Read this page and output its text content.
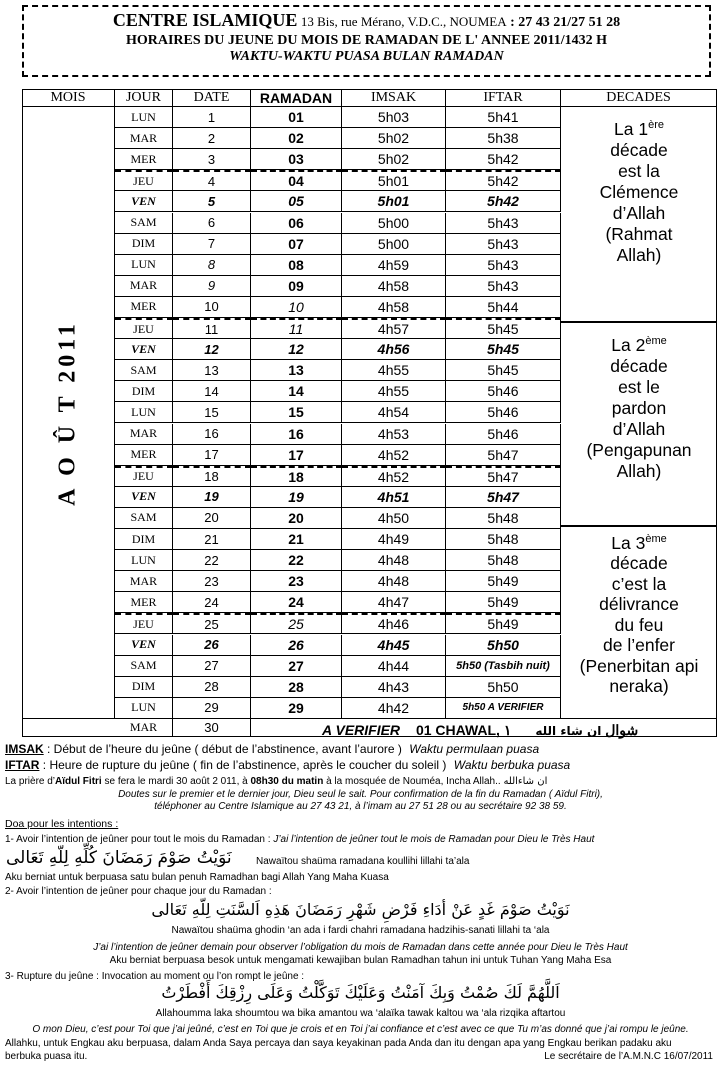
CENTRE ISLAMIQUE 13 Bis, rue Mérano, V.D.C., NOUMEA : 27 43 21/27 51 28
HORAIRES DU JEUNE DU MOIS DE RAMADAN DE L' ANNEE 2011/1432 H
WAKTU-WAKTU PUASA BULAN RAMADAN
MOIS	JOUR	DATE	RAMADAN	IMSAK	IFTAR	DECADES
A O Û T 2011
LUN	1	01	5h03	5h41
MAR	2	02	5h02	5h38
MER	3	03	5h02	5h42
JEU	4	04	5h01	5h42
VEN	5	05	5h01	5h42
SAM	6	06	5h00	5h43
DIM	7	07	5h00	5h43
LUN	8	08	4h59	5h43
MAR	9	09	4h58	5h43
MER	10	10	4h58	5h44
JEU	11	11	4h57	5h45
VEN	12	12	4h56	5h45
SAM	13	13	4h55	5h45
DIM	14	14	4h55	5h46
LUN	15	15	4h54	5h46
MAR	16	16	4h53	5h46
MER	17	17	4h52	5h47
JEU	18	18	4h52	5h47
VEN	19	19	4h51	5h47
SAM	20	20	4h50	5h48
DIM	21	21	4h49	5h48
LUN	22	22	4h48	5h48
MAR	23	23	4h48	5h49
MER	24	24	4h47	5h49
JEU	25	25	4h46	5h49
VEN	26	26	4h45	5h50
SAM	27	27	4h44	5h50 (Tasbih nuit)
DIM	28	28	4h43	5h50
LUN	29	29	4h42	5h50 A VERIFIER
La 1ère
décade
est la
Clémence
d’Allah
(Rahmat
Allah)
La 2ème
décade
est le
pardon
d’Allah
(Pengapunan
Allah)
La 3ème
décade
c’est la
délivrance
du feu
de l’enfer
(Penerbitan api
neraka)
MAR	30	A VERIFIER 01 CHAWAL, ۱شوال ان شاء الله
IMSAK : Début de l’heure du jeûne ( début de l’abstinence, avant l’aurore ) Waktu permulaan puasa
IFTAR : Heure de rupture du jeûne ( fin de l’abstinence, après le coucher du soleil ) Waktu berbuka puasa
La prière d’Aïdul Fitri se fera le mardi 30 août 2 011, à 08h30 du matin à la mosquée de Nouméa, Incha Allah.. ان شاءالله
Doutes sur le premier et le dernier jour, Dieu seul le sait. Pour confirmation de la fin du Ramadan ( Aïdul Fitri),
téléphoner au Centre Islamique au 27 43 21, à l’imam au 27 51 28 ou au secrétaire 92 38 59.
Doa pour les intentions :
1- Avoir l’intention de jeûner pour tout le mois du Ramadan : J’ai l’intention de jeûner tout le mois de Ramadan pour Dieu le Très Haut
نَوَيْتُ صَوْمَ رَمَضَانَ كُلِّهِ لِلّهِ تَعَالى Nawaïtou shaüma ramadana koullihi lillahi ta’ala
Aku berniat untuk berpuasa satu bulan penuh Ramadhan bagi Allah Yang Maha Kuasa
2- Avoir l’intention de jeûner pour chaque jour du Ramadan :
نَوَيْتُ صَوْمَ غَدٍ عَنْ أدَاءِ فَرْضِ شَهْرِ رَمَضَانَ هَذِهِ اَلسَّنَتِ لِلّهِ تَعَالى
Nawaïtou shaüma ghodin ‘an ada i fardi chahri ramadana hadzihis-sanati lillahi ta ‘ala
J’ai l’intention de jeûner demain pour observer l’obligation du mois de Ramadan dans cette année pour Dieu le Très Haut
Aku berniat berpuasa besok untuk mengamati kewajiban bulan Ramadhan tahun ini untuk Tuhan Yang Maha Esa
3- Rupture du jeûne : Invocation au moment ou l’on rompt le jeûne :
اَللَّهُمَّ لَكَ صُمْتُ وَبِكَ آمَنْتُ وَعَلَيْكَ تَوَكَّلْتُ وَعَلَى رِزْقِكَ أَفْطَرْتُ
Allahoumma laka shoumtou wa bika amantou wa ‘alaïka tawak kaltou wa ‘ala rizqika aftartou
O mon Dieu, c’est pour Toi que j’ai jeûné, c’est en Toi que je crois et en Toi j’ai confiance et c’est avec ce que Tu m’as donné que j’ai rompu le jeûne.
Allahku, untuk Engkau aku berpuasa, dalam Anda Saya percaya dan saya keyakinan pada Anda dan itu dengan apa yang Engkau berikan padaku aku
berbuka puasa itu.	Le secrétaire de l’A.M.N.C 16/07/2011
